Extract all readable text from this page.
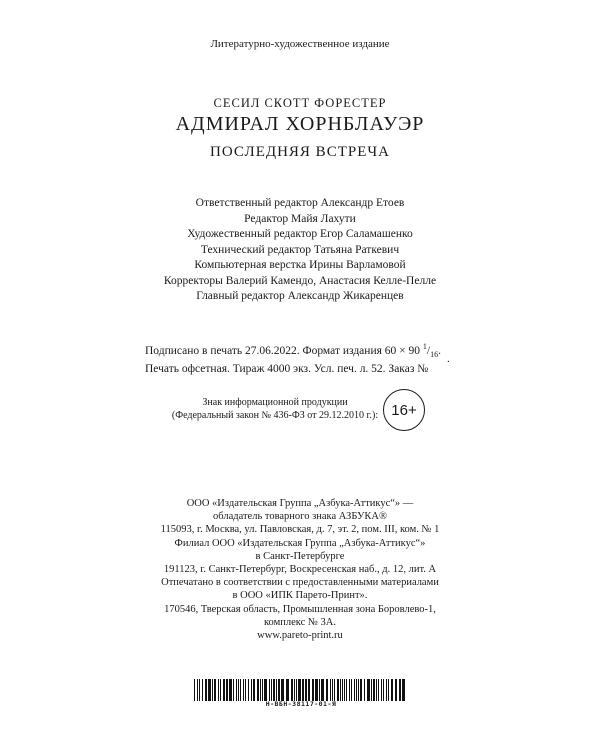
Литературно-художественное издание
СЕСИЛ СКОТТ ФОРЕСТЕР
АДМИРАЛ ХОРНБЛАУЭР
ПОСЛЕДНЯЯ ВСТРЕЧА
Ответственный редактор Александр Етоев
Редактор Майя Лахути
Художественный редактор Егор Саламашенко
Технический редактор Татьяна Раткевич
Компьютерная верстка Ирины Варламовой
Корректоры Валерий Камендо, Анастасия Келле-Пелле
Главный редактор Александр Жикаренцев
Подписано в печать 27.06.2022. Формат издания 60 × 90 $^1/_{16}$.
Печать офсетная. Тираж 4000 экз. Усл. печ. л. 52. Заказ №
.
Знак информационной продукции
(Федеральный закон № 436-ФЗ от 29.12.2010 г.): 16+
ООО «Издательская Группа „Азбука-Аттикус“» —
обладатель товарного знака АЗБУКА®
115093, г. Москва, ул. Павловская, д. 7, эт. 2, пом. III, ком. № 1
Филиал ООО «Издательская Группа „Азбука-Аттикус“»
в Санкт-Петербурге
191123, г. Санкт-Петербург, Воскресенская наб., д. 12, лит. А
Отпечатано в соответствии с предоставленными материалами
в ООО «ИПК Парето-Принт».
170546, Тверская область, Промышленная зона Боровлево-1,
комплекс № 3А.
www.pareto-print.ru
Н-ВБН-38117-01-Я
